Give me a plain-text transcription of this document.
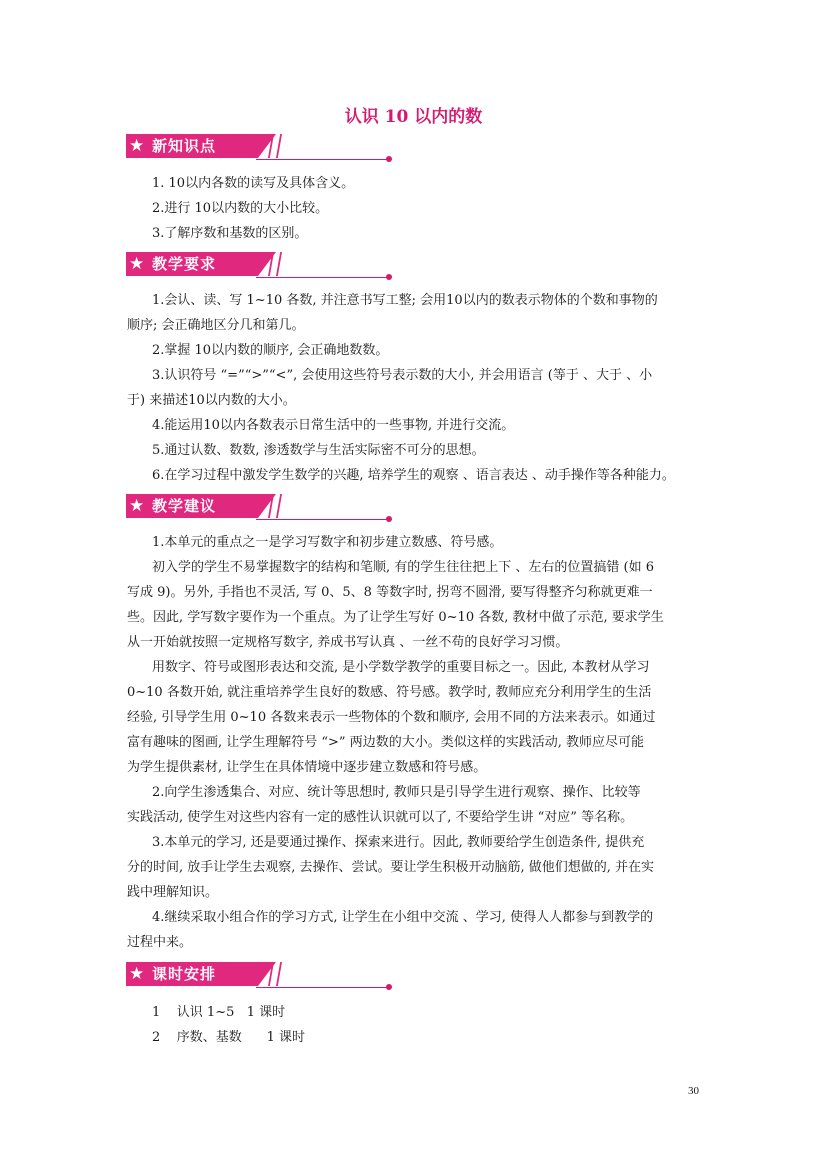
认识 10 以内的数
★ 新知识点

1. 10以内各数的读写及具体含义。

2.进行 10以内数的大小比较。

3.了解序数和基数的区别。

★ 教学要求

1.会认、读、写 1~10 各数, 并注意书写工整; 会用10以内的数表示物体的个数和事物的

顺序; 会正确地区分几和第几。

2.掌握 10以内数的顺序, 会正确地数数。

3.认识符号 “=”“>”“<”, 会使用这些符号表示数的大小, 并会用语言 (等于 、大于 、小

于) 来描述10以内数的大小。

4.能运用10以内各数表示日常生活中的一些事物, 并进行交流。

5.通过认数、数数, 渗透数学与生活实际密不可分的思想。

6.在学习过程中激发学生数学的兴趣, 培养学生的观察 、语言表达 、动手操作等各种能力。

★ 教学建议

1.本单元的重点之一是学习写数字和初步建立数感、符号感。

初入学的学生不易掌握数字的结构和笔顺, 有的学生往往把上下 、左右的位置搞错 (如 6

写成 9)。另外, 手指也不灵活, 写 0、5、8 等数字时, 拐弯不圆滑, 要写得整齐匀称就更难一

些。因此, 学写数字要作为一个重点。为了让学生写好 0~10 各数, 教材中做了示范, 要求学生

从一开始就按照一定规格写数字, 养成书写认真 、一丝不苟的良好学习习惯。

用数字、符号或图形表达和交流, 是小学数学教学的重要目标之一。因此, 本教材从学习

0~10 各数开始, 就注重培养学生良好的数感、符号感。教学时, 教师应充分利用学生的生活

经验, 引导学生用 0~10 各数来表示一些物体的个数和顺序, 会用不同的方法来表示。如通过

富有趣味的图画, 让学生理解符号 “>” 两边数的大小。类似这样的实践活动, 教师应尽可能

为学生提供素材, 让学生在具体情境中逐步建立数感和符号感。

2.向学生渗透集合、对应、统计等思想时, 教师只是引导学生进行观察、操作、比较等

实践活动, 使学生对这些内容有一定的感性认识就可以了, 不要给学生讲 “对应” 等名称。

3.本单元的学习, 还是要通过操作、探索来进行。因此, 教师要给学生创造条件, 提供充

分的时间, 放手让学生去观察, 去操作、尝试。要让学生积极开动脑筋, 做他们想做的, 并在实

践中理解知识。

4.继续采取小组合作的学习方式, 让学生在小组中交流 、学习, 使得人人都参与到教学的

过程中来。

★ 课时安排

1    认识 1~5   1 课时

2    序数、基数      1 课时

30
